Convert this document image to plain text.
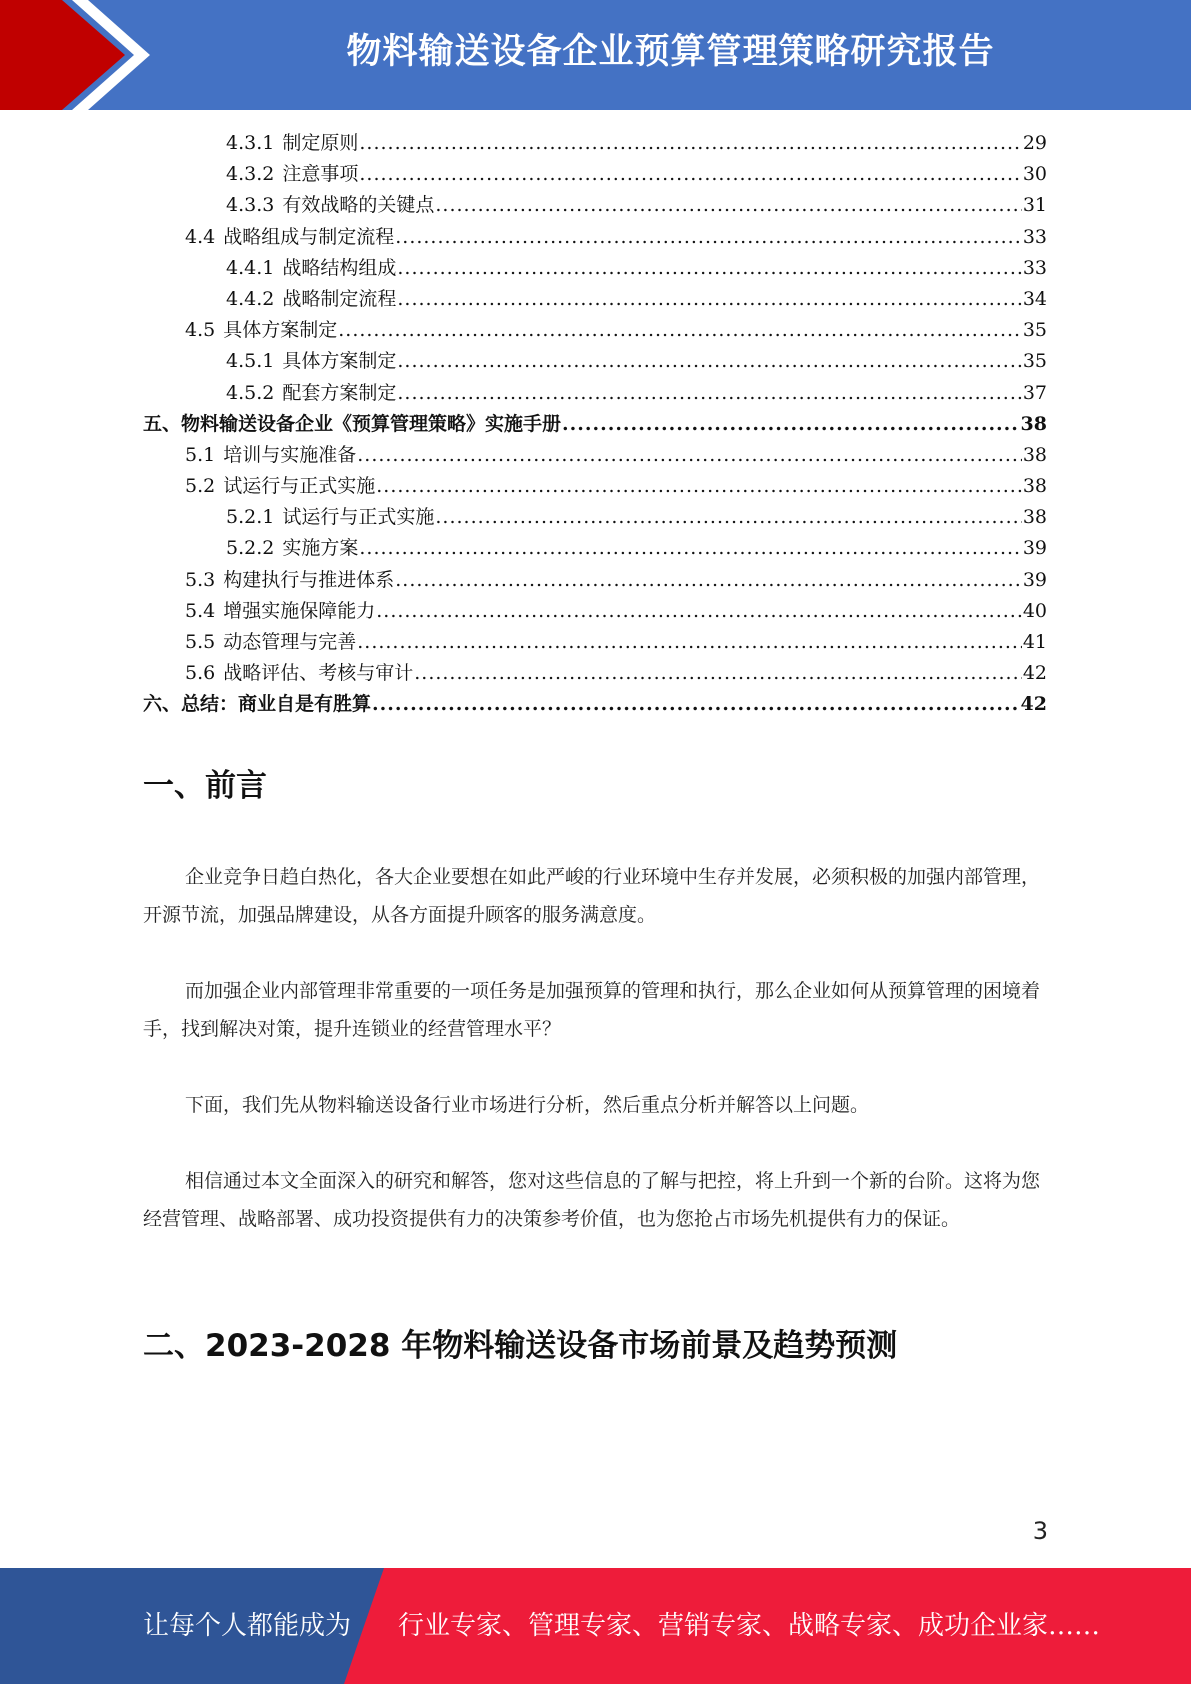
物料输送设备企业预算管理策略研究报告
4.3.1 制定原则 .....	29
4.3.2 注意事项 .....	30
4.3.3 有效战略的关键点 .....	31
4.4 战略组成与制定流程 .....	33
4.4.1 战略结构组成 .....	33
4.4.2 战略制定流程 .....	34
4.5 具体方案制定 .....	35
4.5.1 具体方案制定 .....	35
4.5.2 配套方案制定 .....	37
五、物料输送设备企业《预算管理策略》实施手册 .....	38
5.1 培训与实施准备 .....	38
5.2 试运行与正式实施 .....	38
5.2.1 试运行与正式实施 .....	38
5.2.2 实施方案 .....	39
5.3 构建执行与推进体系 .....	39
5.4 增强实施保障能力 .....	40
5.5 动态管理与完善 .....	41
5.6 战略评估、考核与审计 .....	42
六、总结：商业自是有胜算 .....	42
一、前言
企业竞争日趋白热化，各大企业要想在如此严峻的行业环境中生存并发展，必须积极的加强内部管理，开源节流，加强品牌建设，从各方面提升顾客的服务满意度。
而加强企业内部管理非常重要的一项任务是加强预算的管理和执行，那么企业如何从预算管理的困境着手，找到解决对策，提升连锁业的经营管理水平？
下面，我们先从物料输送设备行业市场进行分析，然后重点分析并解答以上问题。
相信通过本文全面深入的研究和解答，您对这些信息的了解与把控，将上升到一个新的台阶。这将为您经营管理、战略部署、成功投资提供有力的决策参考价值，也为您抢占市场先机提供有力的保证。
二、2023-2028 年物料输送设备市场前景及趋势预测
3
让每个人都能成为 行业专家、管理专家、营销专家、战略专家、成功企业家……
